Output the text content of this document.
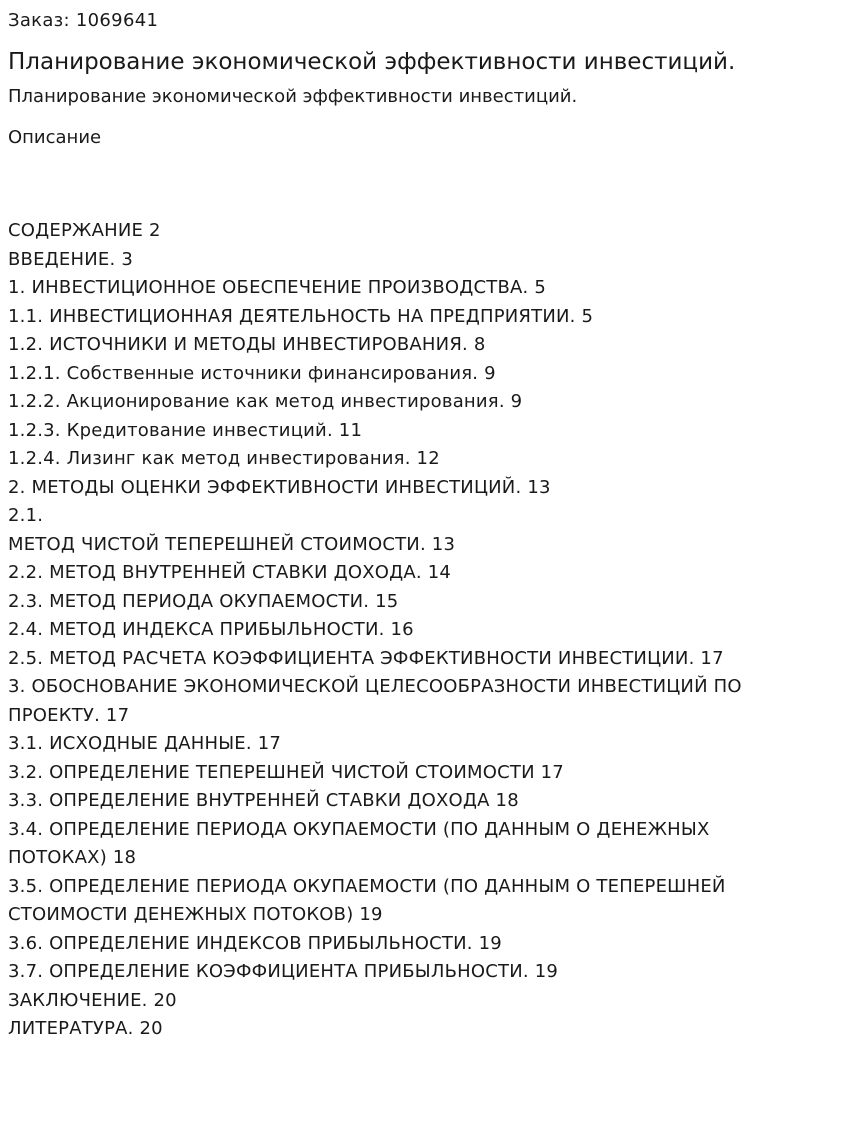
Заказ: 1069641

Планирование экономической эффективности инвестиций.

Планирование экономической эффективности инвестиций.

Описание

СОДЕРЖАНИЕ 2
ВВЕДЕНИЕ. 3
1. ИНВЕСТИЦИОННОЕ ОБЕСПЕЧЕНИЕ ПРОИЗВОДСТВА. 5
1.1. ИНВЕСТИЦИОННАЯ ДЕЯТЕЛЬНОСТЬ НА ПРЕДПРИЯТИИ. 5
1.2. ИСТОЧНИКИ И МЕТОДЫ ИНВЕСТИРОВАНИЯ. 8
1.2.1. Собственные источники финансирования. 9
1.2.2. Акционирование как метод инвестирования. 9
1.2.3. Кредитование инвестиций. 11
1.2.4. Лизинг как метод инвестирования. 12
2. МЕТОДЫ ОЦЕНКИ ЭФФЕКТИВНОСТИ ИНВЕСТИЦИЙ. 13
2.1.
МЕТОД ЧИСТОЙ ТЕПЕРЕШНЕЙ СТОИМОСТИ. 13
2.2. МЕТОД ВНУТРЕННЕЙ СТАВКИ ДОХОДА. 14
2.3. МЕТОД ПЕРИОДА ОКУПАЕМОСТИ. 15
2.4. МЕТОД ИНДЕКСА ПРИБЫЛЬНОСТИ. 16
2.5. МЕТОД РАСЧЕТА КОЭФФИЦИЕНТА ЭФФЕКТИВНОСТИ ИНВЕСТИЦИИ. 17
3. ОБОСНОВАНИЕ ЭКОНОМИЧЕСКОЙ ЦЕЛЕСООБРАЗНОСТИ ИНВЕСТИЦИЙ ПО ПРОЕКТУ. 17
3.1. ИСХОДНЫЕ ДАННЫЕ. 17
3.2. ОПРЕДЕЛЕНИЕ ТЕПЕРЕШНЕЙ ЧИСТОЙ СТОИМОСТИ 17
3.3. ОПРЕДЕЛЕНИЕ ВНУТРЕННЕЙ СТАВКИ ДОХОДА 18
3.4. ОПРЕДЕЛЕНИЕ ПЕРИОДА ОКУПАЕМОСТИ (ПО ДАННЫМ О ДЕНЕЖНЫХ ПОТОКАХ) 18
3.5. ОПРЕДЕЛЕНИЕ ПЕРИОДА ОКУПАЕМОСТИ (ПО ДАННЫМ О ТЕПЕРЕШНЕЙ СТОИМОСТИ ДЕНЕЖНЫХ ПОТОКОВ) 19
3.6. ОПРЕДЕЛЕНИЕ ИНДЕКСОВ ПРИБЫЛЬНОСТИ. 19
3.7. ОПРЕДЕЛЕНИЕ КОЭФФИЦИЕНТА ПРИБЫЛЬНОСТИ. 19
ЗАКЛЮЧЕНИЕ. 20
ЛИТЕРАТУРА. 20
